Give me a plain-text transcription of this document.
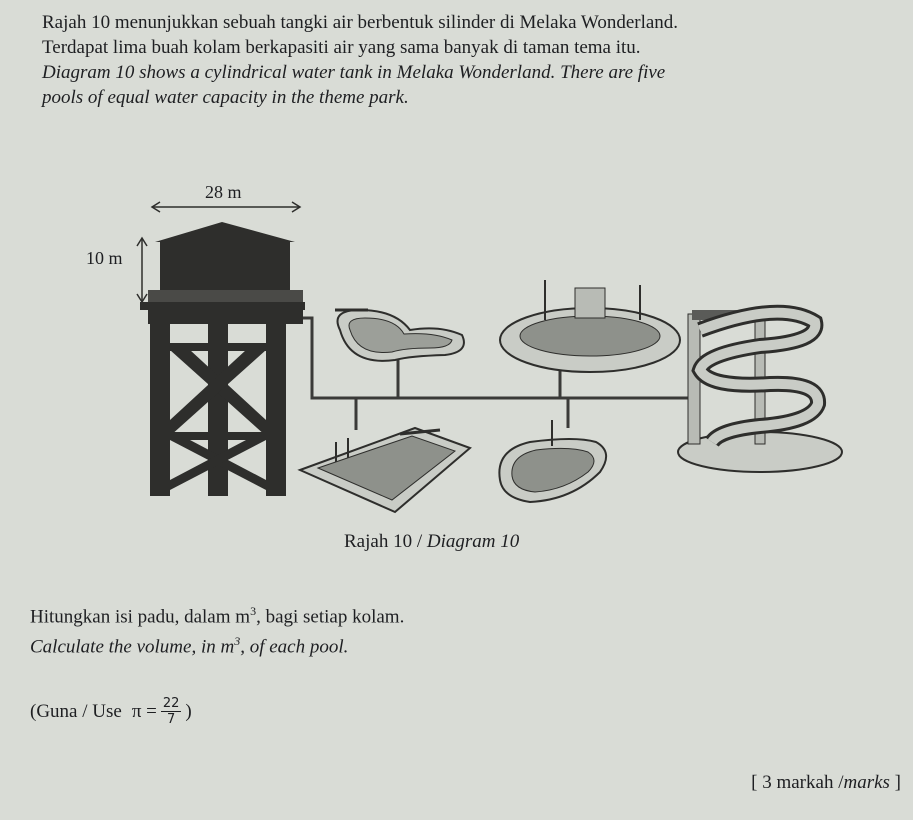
Rajah 10 menunjukkan sebuah tangki air berbentuk silinder di Melaka Wonderland.
Terdapat lima buah kolam berkapasiti air yang sama banyak di taman tema itu.
Diagram 10 shows a cylindrical water tank in Melaka Wonderland. There are five
pools of equal water capacity in the theme park.
28 m
10 m
Rajah 10 / Diagram 10
Hitungkan isi padu, dalam $m^3$, bagi setiap kolam.
Calculate the volume, in $m^3$, of each pool.
(Guna / Use $\pi = \frac{22}{7}$ )
[ 3 markah /marks ]
